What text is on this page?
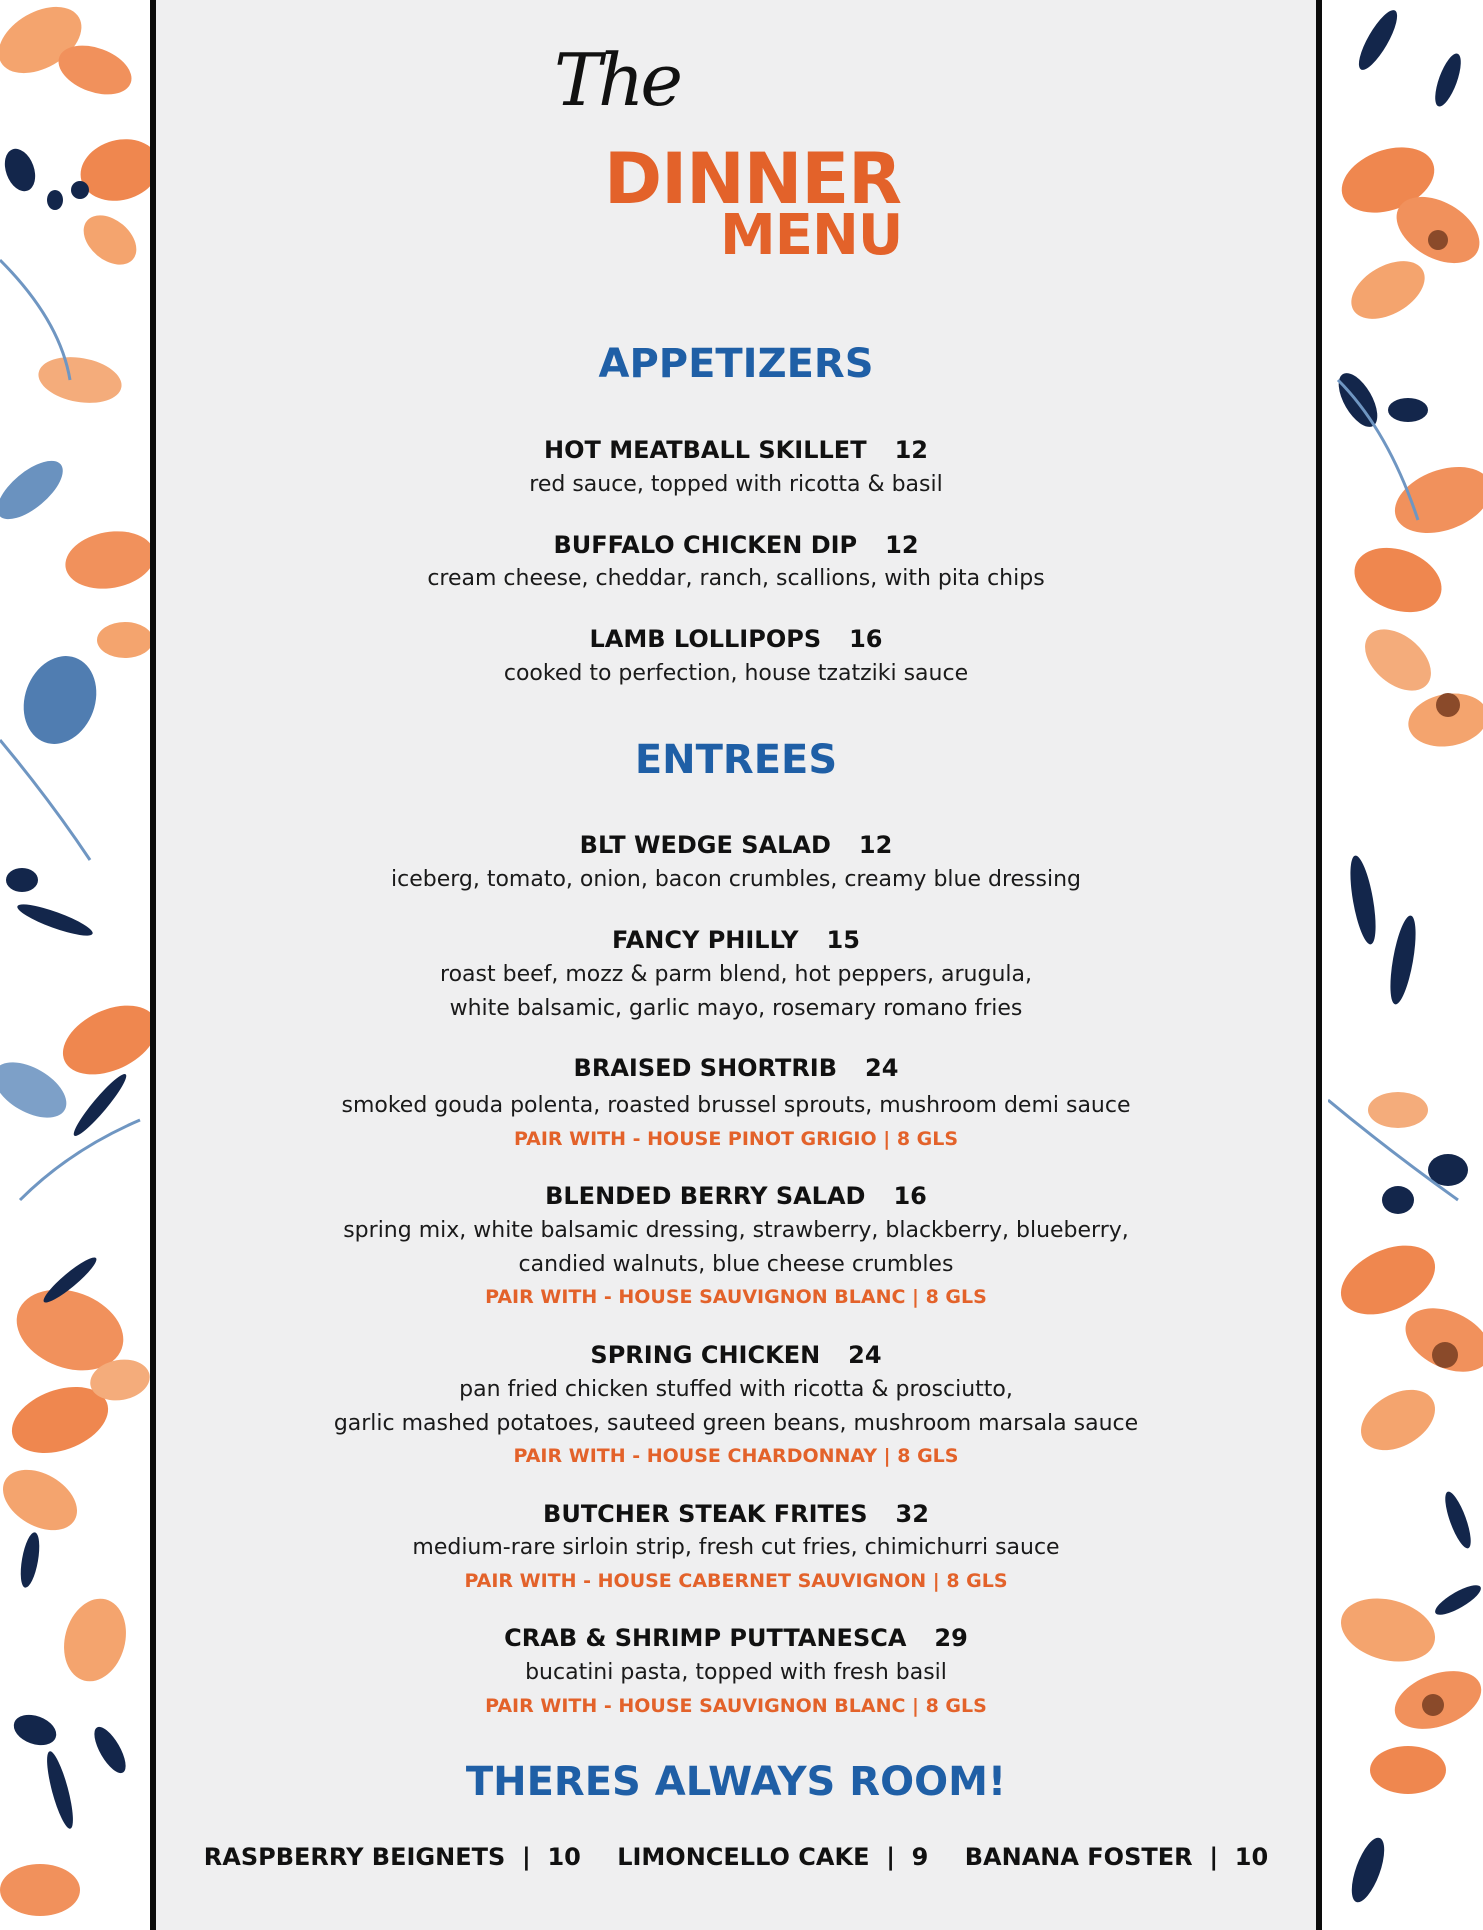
The
DINNER
MENU
APPETIZERS
HOT MEATBALL SKILLET 12
red sauce, topped with ricotta & basil
BUFFALO CHICKEN DIP 12
cream cheese, cheddar, ranch, scallions, with pita chips
LAMB LOLLIPOPS 16
cooked to perfection, house tzatziki sauce
ENTREES
BLT WEDGE SALAD 12
iceberg, tomato, onion, bacon crumbles, creamy blue dressing
FANCY PHILLY 15
roast beef, mozz & parm blend, hot peppers, arugula,
white balsamic, garlic mayo, rosemary romano fries
BRAISED SHORTRIB 24
smoked gouda polenta, roasted brussel sprouts, mushroom demi sauce
PAIR WITH - HOUSE PINOT GRIGIO | 8 GLS
BLENDED BERRY SALAD 16
spring mix, white balsamic dressing, strawberry, blackberry, blueberry,
candied walnuts, blue cheese crumbles
PAIR WITH - HOUSE SAUVIGNON BLANC | 8 GLS
SPRING CHICKEN 24
pan fried chicken stuffed with ricotta & prosciutto,
garlic mashed potatoes, sauteed green beans, mushroom marsala sauce
PAIR WITH - HOUSE CHARDONNAY | 8 GLS
BUTCHER STEAK FRITES 32
medium-rare sirloin strip, fresh cut fries, chimichurri sauce
PAIR WITH - HOUSE CABERNET SAUVIGNON | 8 GLS
CRAB & SHRIMP PUTTANESCA 29
bucatini pasta, topped with fresh basil
PAIR WITH - HOUSE SAUVIGNON BLANC | 8 GLS
THERES ALWAYS ROOM!
RASPBERRY BEIGNETS  |  10 LIMONCELLO CAKE  |  9 BANANA FOSTER  |  10
